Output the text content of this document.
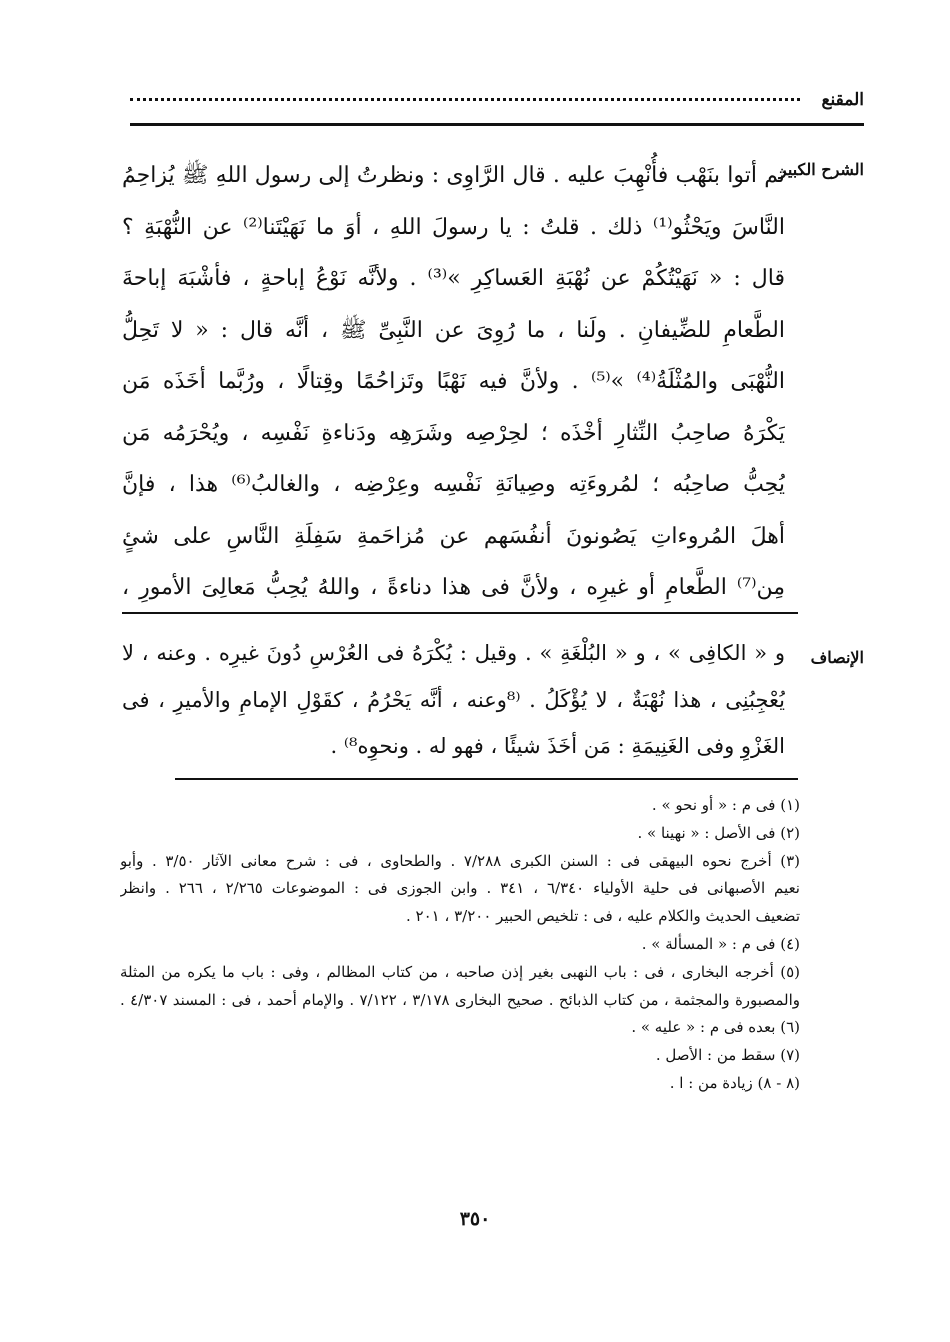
المقنع
الشرح الكبير
ثم أتوا بنَهْب فأُنْهِبَ عليه . قال الرَّاوِى : ونظرتُ إلى رسول اللهِ ﷺ يُزاحِمُ
النَّاسَ ويَحْثُو⁽¹⁾ ذلك . قلتُ : يا رسولَ اللهِ ، أوَ ما نَهَيْتَنا⁽²⁾ عن النُّهْبَةِ ؟
قال : « نَهَيْتُكُمْ عن نُهْبَةِ العَساكِرِ »⁽³⁾ . ولأنَّه نَوْعُ إباحةٍ ، فأشْبَهَ إباحةَ
الطَّعامِ للضِّيفانِ . ولَنا ، ما رُوِىَ عن النَّبِىِّ ﷺ ، أنَّه قال : « لا تَحِلُّ
النُّهْبَى والمُثْلَةُ⁽⁴⁾ »⁽⁵⁾ . ولأنَّ فيه نَهْبًا وتَزاحُمًا وقِتالًا ، ورُبَّما أخَذَه مَن
يَكْرَهُ صاحِبُ النِّثارِ أخْذَه ؛ لحِرْصِه وشَرَهِه ودَناءةِ نَفْسِه ، ويُحْرَمُه مَن
يُحِبُّ صاحِبُه ؛ لمُروءَتِه وصِيانَةِ نَفْسِه وعِرْضِه ، والغالبُ⁽⁶⁾ هذا ، فإنَّ
أهلَ المُروءاتِ يَصُونونَ أنفُسَهم عن مُزاحَمةِ سَفِلَةِ النَّاسِ على شئٍ
مِن⁽⁷⁾ الطَّعامِ أو غيرِه ، ولأنَّ فى هذا دناءةً ، واللهُ يُحِبُّ مَعالِىَ الأمورِ ،
الإنصاف
و « الكافِى » ، و « البُلْغَةِ » . وقيل : يُكْرَهُ فى العُرْسِ دُونَ غيرِه . وعنه ، لا
يُعْجِبُنِى ، هذا نُهْبَةٌ ، لا يُؤْكَلُ . ⁽⁸وعنه ، أنَّه يَحْرُمُ ، كقَوْلِ الإمامِ والأميرِ ، فى
الغَزْوِ وفى الغَنِيمَةِ : مَن أخَذَ شيئًا ، فهو له . ونحوِه⁸⁾ .
(١) فى م : « أو نحو » .
(٢) فى الأصل : « نهينا » .
(٣) أخرج نحوه البيهقى فى : السنن الكبرى ٧/٢٨٨ . والطحاوى ، فى : شرح معانى الآثار ٣/٥٠ . وأبو
نعيم الأصبهانى فى حلية الأولياء ٦/٣٤٠ ، ٣٤١ . وابن الجوزى فى : الموضوعات ٢/٢٦٥ ، ٢٦٦ . وانظر
تضعيف الحديث والكلام عليه ، فى : تلخيص الحبير ٣/٢٠٠ ، ٢٠١ .
(٤) فى م : « المسألة » .
(٥) أخرجه البخارى ، فى : باب النهبى بغير إذن صاحبه ، من كتاب المظالم ، وفى : باب ما يكره من المثلة
والمصبورة والمجثمة ، من كتاب الذبائح . صحيح البخارى ٣/١٧٨ ، ٧/١٢٢ . والإمام أحمد ، فى : المسند ٤/٣٠٧ .
(٦) بعده فى م : « عليه » .
(٧) سقط من : الأصل .
(٨ - ٨) زيادة من : ا .
٣٥٠
